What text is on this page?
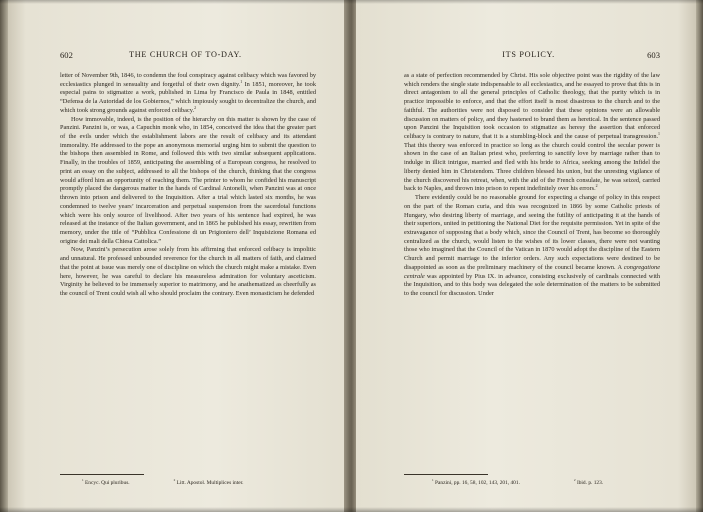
602	THE CHURCH OF TO-DAY.

letter of November 9th, 1846, to condemn the foul conspiracy against celibacy which was favored by ecclesiastics plunged in sensuality and forgetful of their own dignity.$^1$ In 1851, moreover, he took especial pains to stigmatize a work, published in Lima by Francisco de Paula in 1848, entitled “Defensa de la Autoridad de los Gobiernos,” which impiously sought to decentralize the church, and which took strong grounds against enforced celibacy.$^2$

How immovable, indeed, is the position of the hierarchy on this matter is shown by the case of Panzini. Panzini is, or was, a Capuchin monk who, in 1854, conceived the idea that the greater part of the evils under which the establishment labors are the result of celibacy and its attendant immorality. He addressed to the pope an anonymous memorial urging him to submit the question to the bishops then assembled in Rome, and followed this with two similar subsequent applications. Finally, in the troubles of 1859, anticipating the assembling of a European congress, he resolved to print an essay on the subject, addressed to all the bishops of the church, thinking that the congress would afford him an opportunity of reaching them. The printer to whom he confided his manuscript promptly placed the dangerous matter in the hands of Cardinal Antonelli, when Panzini was at once thrown into prison and delivered to the Inquisition. After a trial which lasted six months, he was condemned to twelve years’ incarceration and perpetual suspension from the sacerdotal functions which were his only source of livelihood. After two years of his sentence had expired, he was released at the instance of the Italian government, and in 1865 he published his essay, rewritten from memory, under the title of “Pubblica Confessione di un Prigioniero dell’ Inquisizione Romana ed origine dei mali della Chiesa Cattolica.”

Now, Panzini’s persecution arose solely from his affirming that enforced celibacy is impolitic and unnatural. He professed unbounded reverence for the church in all matters of faith, and claimed that the point at issue was merely one of discipline on which the church might make a mistake. Even here, however, he was careful to declare his measureless admiration for voluntary asceticism. Virginity he believed to be immensely superior to matrimony, and he anathematized as cheerfully as the council of Trent could wish all who should proclaim the contrary. Even monasticism he defended

$^1$ Encyc. Qui pluribus.	$^2$ Litt. Apostol. Multiplices inter.
ITS POLICY.	603

as a state of perfection recommended by Christ. His sole objective point was the rigidity of the law which renders the single state indispensable to all ecclesiastics, and he essayed to prove that this is in direct antagonism to all the general principles of Catholic theology, that the purity which is in practice impossible to enforce, and that the effort itself is most disastrous to the church and to the faithful. The authorities were not disposed to consider that these opinions were an allowable discussion on matters of policy, and they hastened to brand them as heretical. In the sentence passed upon Panzini the Inquisition took occasion to stigmatize as heresy the assertion that enforced celibacy is contrary to nature, that it is a stumbling-block and the cause of perpetual transgression.$^1$ That this theory was enforced in practice so long as the church could control the secular power is shown in the case of an Italian priest who, preferring to sanctify love by marriage rather than to indulge in illicit intrigue, married and fled with his bride to Africa, seeking among the Infidel the liberty denied him in Christendom. Three children blessed his union, but the unresting vigilance of the church discovered his retreat, when, with the aid of the French consulate, he was seized, carried back to Naples, and thrown into prison to repent indefinitely over his errors.$^2$

There evidently could be no reasonable ground for expecting a change of policy in this respect on the part of the Roman curia, and this was recognized in 1866 by some Catholic priests of Hungary, who desiring liberty of marriage, and seeing the futility of anticipating it at the hands of their superiors, united in petitioning the National Diet for the requisite permission. Yet in spite of the extravagance of supposing that a body which, since the Council of Trent, has become so thoroughly centralized as the church, would listen to the wishes of its lower classes, there were not wanting those who imagined that the Council of the Vatican in 1870 would adopt the discipline of the Eastern Church and permit marriage to the inferior orders. Any such expectations were destined to be disappointed as soon as the preliminary machinery of the council became known. A congregatione centrale was appointed by Pius IX. in advance, consisting exclusively of cardinals connected with the Inquisition, and to this body was delegated the sole determination of the matters to be submitted to the council for discussion. Under

$^1$ Panzini, pp. 16, 58, 102, 143, 201, 401.	$^2$ Ibid. p. 123.
